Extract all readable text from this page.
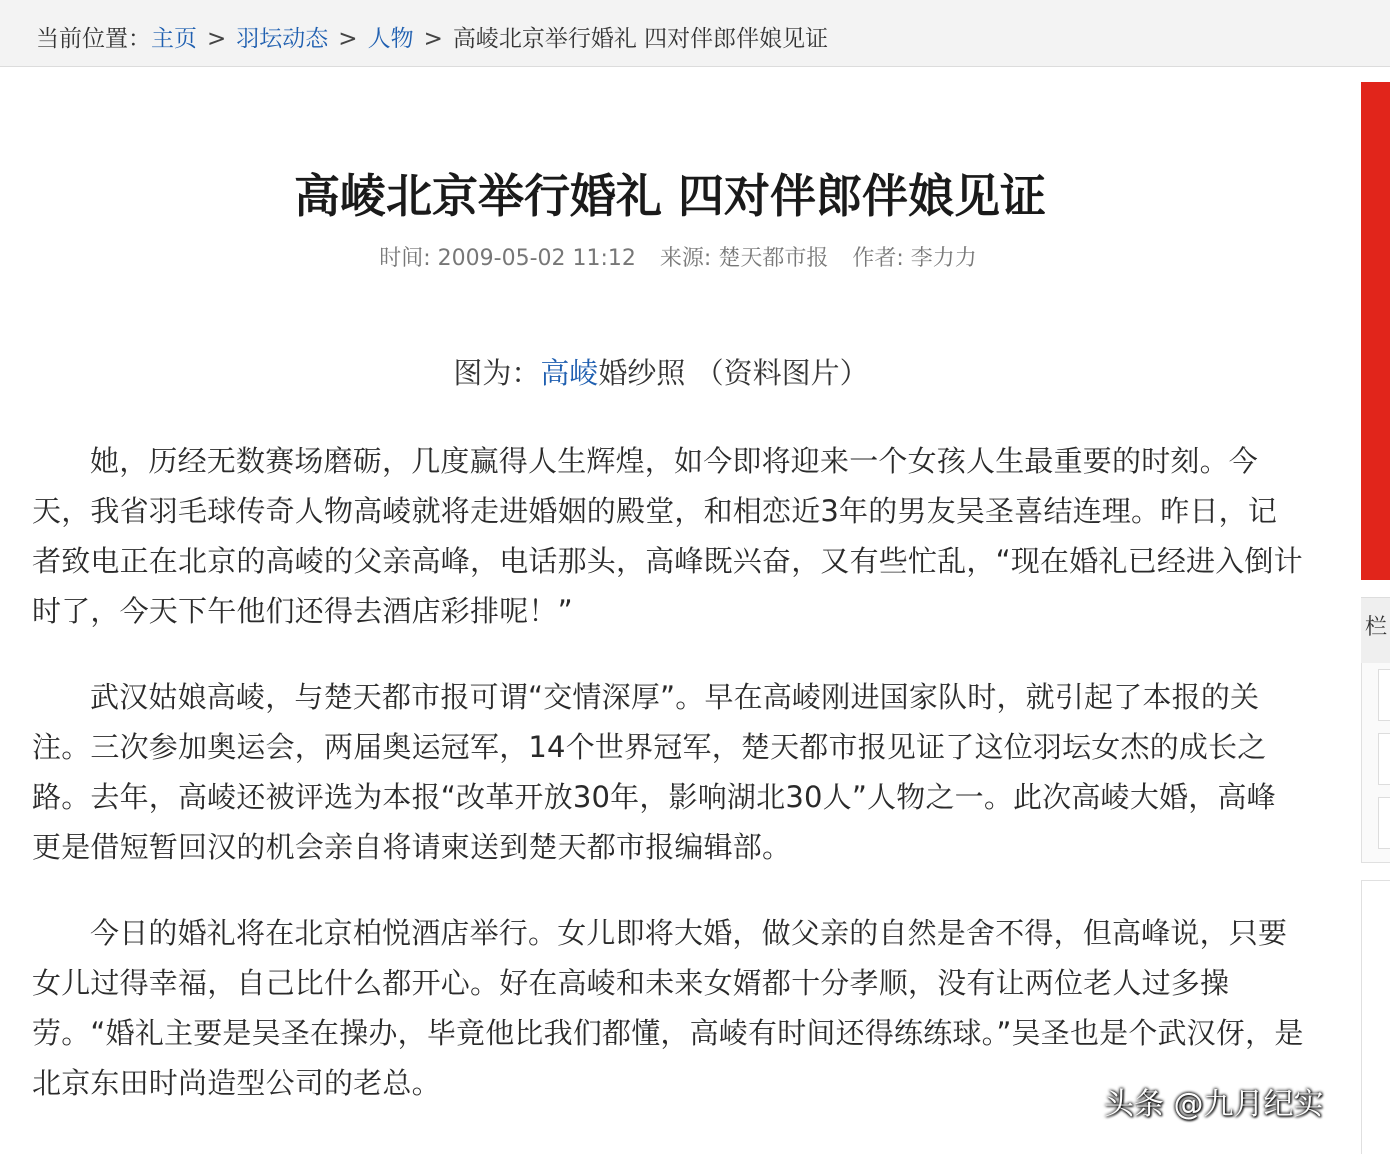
当前位置：主页 > 羽坛动态 > 人物 > 高崚北京举行婚礼 四对伴郎伴娘见证
栏
高崚北京举行婚礼 四对伴郎伴娘见证
时间: 2009-05-02 11:12 来源: 楚天都市报 作者: 李力力
图为：高崚婚纱照 （资料图片）

她，历经无数赛场磨砺，几度赢得人生辉煌，如今即将迎来一个女孩人生最重要的时刻。今天，我省羽毛球传奇人物高崚就将走进婚姻的殿堂，和相恋近3年的男友吴圣喜结连理。昨日，记者致电正在北京的高崚的父亲高峰，电话那头，高峰既兴奋，又有些忙乱，“现在婚礼已经进入倒计时了，今天下午他们还得去酒店彩排呢！”

武汉姑娘高崚，与楚天都市报可谓“交情深厚”。早在高崚刚进国家队时，就引起了本报的关注。三次参加奥运会，两届奥运冠军，14个世界冠军，楚天都市报见证了这位羽坛女杰的成长之路。去年，高崚还被评选为本报“改革开放30年，影响湖北30人”人物之一。此次高崚大婚，高峰更是借短暂回汉的机会亲自将请柬送到楚天都市报编辑部。

今日的婚礼将在北京柏悦酒店举行。女儿即将大婚，做父亲的自然是舍不得，但高峰说，只要女儿过得幸福，自己比什么都开心。好在高崚和未来女婿都十分孝顺，没有让两位老人过多操劳。“婚礼主要是吴圣在操办，毕竟他比我们都懂，高崚有时间还得练练球。”吴圣也是个武汉伢，是北京东田时尚造型公司的老总。

头条 @九月纪实
